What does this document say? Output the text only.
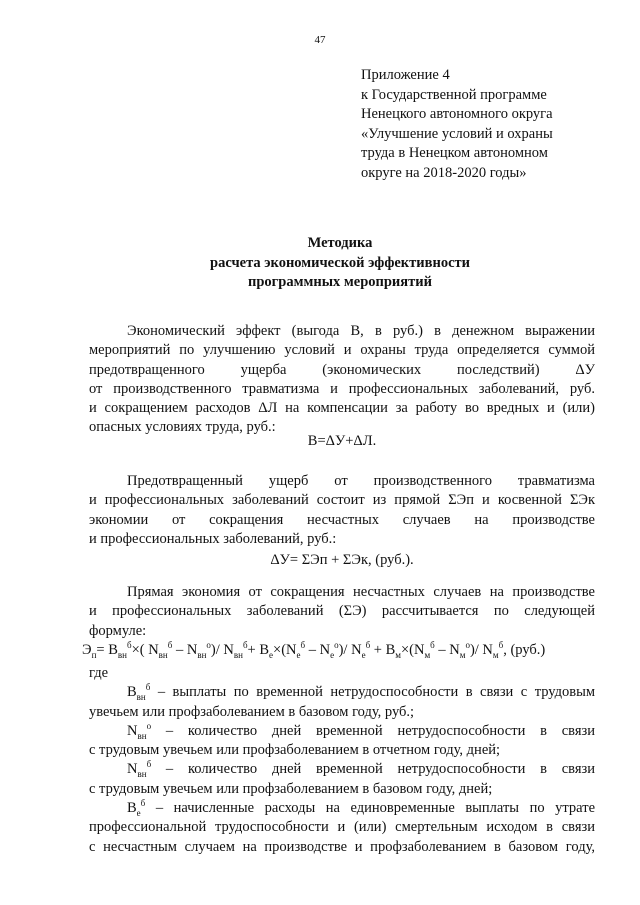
47
Приложение 4
к Государственной программе
Ненецкого автономного округа
«Улучшение условий и охраны
труда в Ненецком автономном
округе на 2018-2020 годы»
Методика
расчета экономической эффективности
программных мероприятий
Экономический эффект (выгода В, в руб.) в денежном выражении
мероприятий по улучшению условий и охраны труда определяется суммой
предотвращенного ущерба (экономических последствий) ΔУ
от производственного травматизма и профессиональных заболеваний, руб.
и сокращением расходов ΔЛ на компенсации за работу во вредных и (или)
опасных условиях труда, руб.:
В=ΔУ+ΔЛ.
Предотвращенный ущерб от производственного травматизма
и профессиональных заболеваний состоит из прямой ΣЭп и косвенной ΣЭк
экономии от сокращения несчастных случаев на производстве
и профессиональных заболеваний, руб.:
ΔУ= ΣЭп + ΣЭк, (руб.).
Прямая экономия от сокращения несчастных случаев на производстве
и профессиональных заболеваний (ΣЭ) рассчитывается по следующей
формуле:
$Э_п= В_{вн}^б\times$( $N_{вн}^б - N_{вн}^о)/$ $N_{вн}^б+ В_е\times(N_е^б - N_е^о)/$ $N_е^б + В_м\times(N_м^б - N_м^о)/$ $N_м^б$, (руб.)
где
$В_{вн}^б$ – выплаты по временной нетрудоспособности в связи с трудовым
увечьем или профзаболеванием в базовом году, руб.;
$N_{вн}^о$ – количество дней временной нетрудоспособности в связи
с трудовым увечьем или профзаболеванием в отчетном году, дней;
$N_{вн}^б$ – количество дней временной нетрудоспособности в связи
с трудовым увечьем или профзаболеванием в базовом году, дней;
$В_е^б$ – начисленные расходы на единовременные выплаты по утрате
профессиональной трудоспособности и (или) смертельным исходом в связи
с несчастным случаем на производстве и профзаболеванием в базовом году,
